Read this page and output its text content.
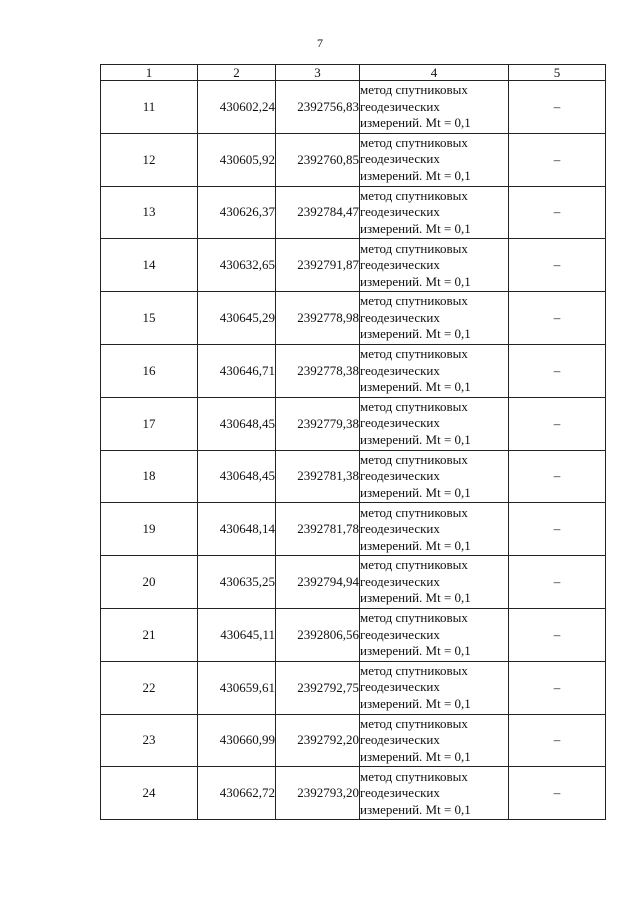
7
1	2	3	4	5
11	430602,24	2392756,83	метод спутниковых
геодезических
измерений. Mt = 0,1	–
12	430605,92	2392760,85	метод спутниковых
геодезических
измерений. Mt = 0,1	–
13	430626,37	2392784,47	метод спутниковых
геодезических
измерений. Mt = 0,1	–
14	430632,65	2392791,87	метод спутниковых
геодезических
измерений. Mt = 0,1	–
15	430645,29	2392778,98	метод спутниковых
геодезических
измерений. Mt = 0,1	–
16	430646,71	2392778,38	метод спутниковых
геодезических
измерений. Mt = 0,1	–
17	430648,45	2392779,38	метод спутниковых
геодезических
измерений. Mt = 0,1	–
18	430648,45	2392781,38	метод спутниковых
геодезических
измерений. Mt = 0,1	–
19	430648,14	2392781,78	метод спутниковых
геодезических
измерений. Mt = 0,1	–
20	430635,25	2392794,94	метод спутниковых
геодезических
измерений. Mt = 0,1	–
21	430645,11	2392806,56	метод спутниковых
геодезических
измерений. Mt = 0,1	–
22	430659,61	2392792,75	метод спутниковых
геодезических
измерений. Mt = 0,1	–
23	430660,99	2392792,20	метод спутниковых
геодезических
измерений. Mt = 0,1	–
24	430662,72	2392793,20	метод спутниковых
геодезических
измерений. Mt = 0,1	–
